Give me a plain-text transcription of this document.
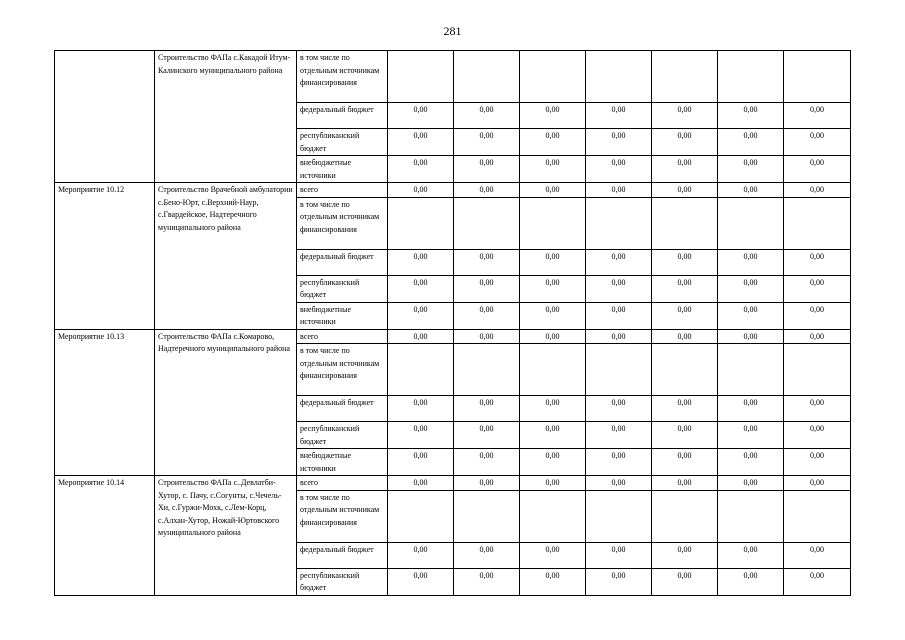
281
	Строительство ФАПа с.Какадой Итум-Калинского муниципального района	в том числе по отдельным источникам финансирования							
		федеральный бюджет	0,00	0,00	0,00	0,00	0,00	0,00	0,00
		республиканский бюджет	0,00	0,00	0,00	0,00	0,00	0,00	0,00
		внебюджетные источники	0,00	0,00	0,00	0,00	0,00	0,00	0,00
Мероприятие 10.12	Строительство Врачебной амбулатории с.Бено-Юрт, с.Верхний-Наур, с.Гвардейское, Надтеречного муниципального района	всего	0,00	0,00	0,00	0,00	0,00	0,00	0,00
		в том числе по отдельным источникам финансирования							
		федеральный бюджет	0,00	0,00	0,00	0,00	0,00	0,00	0,00
		республиканский бюджет	0,00	0,00	0,00	0,00	0,00	0,00	0,00
		внебюджетные источники	0,00	0,00	0,00	0,00	0,00	0,00	0,00
Мероприятие 10.13	Строительство ФАПа с.Комарово, Надтеречного муниципального района	всего	0,00	0,00	0,00	0,00	0,00	0,00	0,00
		в том числе по отдельным источникам финансирования							
		федеральный бюджет	0,00	0,00	0,00	0,00	0,00	0,00	0,00
		республиканский бюджет	0,00	0,00	0,00	0,00	0,00	0,00	0,00
		внебюджетные источники	0,00	0,00	0,00	0,00	0,00	0,00	0,00
Мероприятие 10.14	Строительство ФАПа с..Девлатби-Хутор, с. Пачу, с.Согунты, с.Чечель-Хи, с.Гуржи-Мохк, с.Лем-Корц, с.Алхан-Хутор, Ножай-Юртовского муниципального района	всего	0,00	0,00	0,00	0,00	0,00	0,00	0,00
		в том числе по отдельным источникам финансирования							
		федеральный бюджет	0,00	0,00	0,00	0,00	0,00	0,00	0,00
		республиканский бюджет	0,00	0,00	0,00	0,00	0,00	0,00	0,00
